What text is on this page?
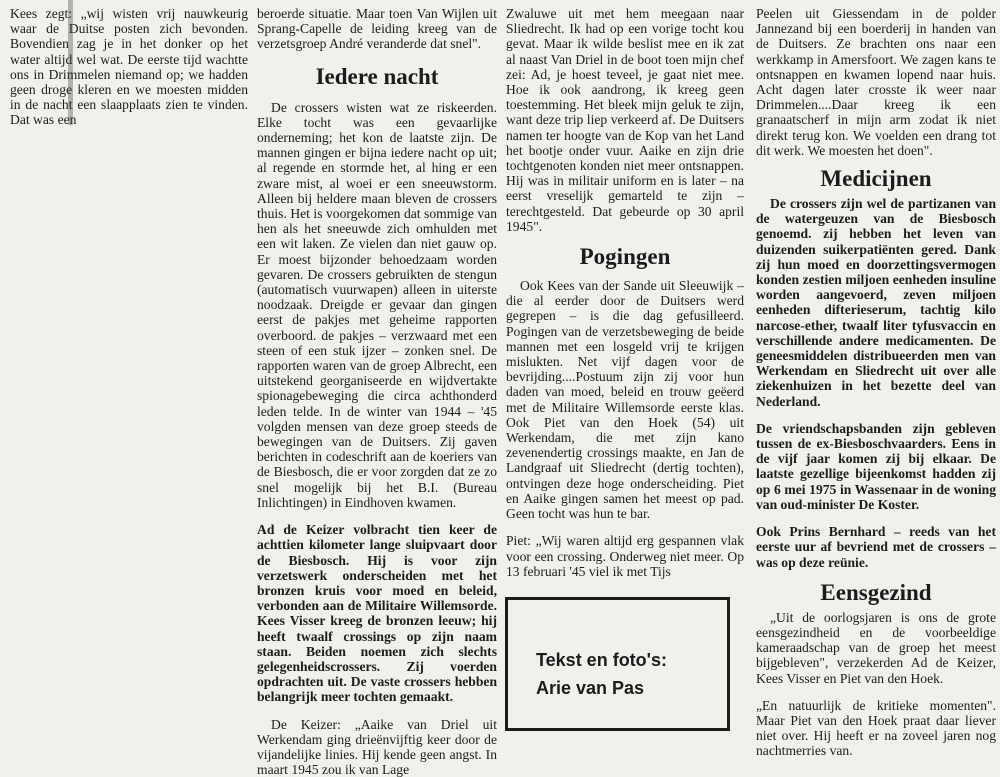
Kees zegt: „wij wisten vrij nauwkeurig waar de Duitse posten zich bevonden. Bovendien zag je in het donker op het water altijd wel wat. De eerste tijd wachtte ons in Drimmelen niemand op; we hadden geen droge kleren en we moesten midden in de nacht een slaapplaats zien te vinden. Dat was een

beroerde situatie. Maar toen Van Wijlen uit Sprang-Capelle de leiding kreeg van de verzetsgroep André veranderde dat snel".

Iedere nacht

De crossers wisten wat ze riskeerden. Elke tocht was een gevaarlijke onderneming; het kon de laatste zijn. De mannen gingen er bijna iedere nacht op uit; al regende en stormde het, al hing er een zware mist, al woei er een sneeuwstorm. Alleen bij heldere maan bleven de crossers thuis. Het is voorgekomen dat sommige van hen als het sneeuwde zich omhulden met een wit laken. Ze vielen dan niet gauw op. Er moest bijzonder behoedzaam worden gevaren. De crossers gebruikten de stengun (automatisch vuurwapen) alleen in uiterste noodzaak. Dreigde er gevaar dan gingen eerst de pakjes met geheime rapporten overboord. de pakjes – verzwaard met een steen of een stuk ijzer – zonken snel. De rapporten waren van de groep Albrecht, een uitstekend georganiseerde en wijdvertakte spionagebeweging die circa achthonderd leden telde. In de winter van 1944 – '45 volgden mensen van deze groep steeds de bewegingen van de Duitsers. Zij gaven berichten in codeschrift aan de koeriers van de Biesbosch, die er voor zorgden dat ze zo snel mogelijk bij het B.I. (Bureau Inlichtingen) in Eindhoven kwamen.

Ad de Keizer volbracht tien keer de achttien kilometer lange sluipvaart door de Biesbosch. Hij is voor zijn verzetswerk onderscheiden met het bronzen kruis voor moed en beleid, verbonden aan de Militaire Willemsorde. Kees Visser kreeg de bronzen leeuw; hij heeft twaalf crossings op zijn naam staan. Beiden noemen zich slechts gelegenheidscrossers. Zij voerden opdrachten uit. De vaste crossers hebben belangrijk meer tochten gemaakt.

De Keizer: „Aaike van Driel uit Werkendam ging drieënvijftig keer door de vijandelijke linies. Hij kende geen angst. In maart 1945 zou ik van Lage

Zwaluwe uit met hem meegaan naar Sliedrecht. Ik had op een vorige tocht kou gevat. Maar ik wilde beslist mee en ik zat al naast Van Driel in de boot toen mijn chef zei: Ad, je hoest teveel, je gaat niet mee. Hoe ik ook aandrong, ik kreeg geen toestemming. Het bleek mijn geluk te zijn, want deze trip liep verkeerd af. De Duitsers namen ter hoogte van de Kop van het Land het bootje onder vuur. Aaike en zijn drie tochtgenoten konden niet meer ontsnappen. Hij was in militair uniform en is later – na eerst vreselijk gemarteld te zijn – terechtgesteld. Dat gebeurde op 30 april 1945".

Pogingen

Ook Kees van der Sande uit Sleeuwijk – die al eerder door de Duitsers werd gegrepen – is die dag gefusilleerd. Pogingen van de verzetsbeweging de beide mannen met een losgeld vrij te krijgen mislukten. Net vijf dagen voor de bevrijding....Postuum zijn zij voor hun daden van moed, beleid en trouw geëerd met de Militaire Willemsorde eerste klas. Ook Piet van den Hoek (54) uit Werkendam, die met zijn kano zevenendertig crossings maakte, en Jan de Landgraaf uit Sliedrecht (dertig tochten), ontvingen deze hoge onderscheiding. Piet en Aaike gingen samen het meest op pad. Geen tocht was hun te bar.

Piet: „Wij waren altijd erg gespannen vlak voor een crossing. Onderweg niet meer. Op 13 februari '45 viel ik met Tijs

Tekst en foto's:
Arie van Pas

Peelen uit Giessendam in de polder Jannezand bij een boerderij in handen van de Duitsers. Ze brachten ons naar een werkkamp in Amersfoort. We zagen kans te ontsnappen en kwamen lopend naar huis. Acht dagen later crosste ik weer naar Drimmelen....Daar kreeg ik een granaatscherf in mijn arm zodat ik niet direkt terug kon. We voelden een drang tot dit werk. We moesten het doen".

Medicijnen

De crossers zijn wel de partizanen van de watergeuzen van de Biesbosch genoemd. zij hebben het leven van duizenden suikerpatiënten gered. Dank zij hun moed en doorzettingsvermogen konden zestien miljoen eenheden insuline worden aangevoerd, zeven miljoen eenheden difterieserum, tachtig kilo narcose-ether, twaalf liter tyfusvaccin en verschillende andere medicamenten. De geneesmiddelen distribueerden men van Werkendam en Sliedrecht uit over alle ziekenhuizen in het bezette deel van Nederland.

De vriendschapsbanden zijn gebleven tussen de ex-Biesboschvaarders. Eens in de vijf jaar komen zij bij elkaar. De laatste gezellige bijeenkomst hadden zij op 6 mei 1975 in Wassenaar in de woning van oud-minister De Koster.

Ook Prins Bernhard – reeds van het eerste uur af bevriend met de crossers – was op deze reünie.

Eensgezind

„Uit de oorlogsjaren is ons de grote eensgezindheid en de voorbeeldige kameraadschap van de groep het meest bijgebleven", verzekerden Ad de Keizer, Kees Visser en Piet van den Hoek.

„En natuurlijk de kritieke momenten". Maar Piet van den Hoek praat daar liever niet over. Hij heeft er na zoveel jaren nog nachtmerries van.
